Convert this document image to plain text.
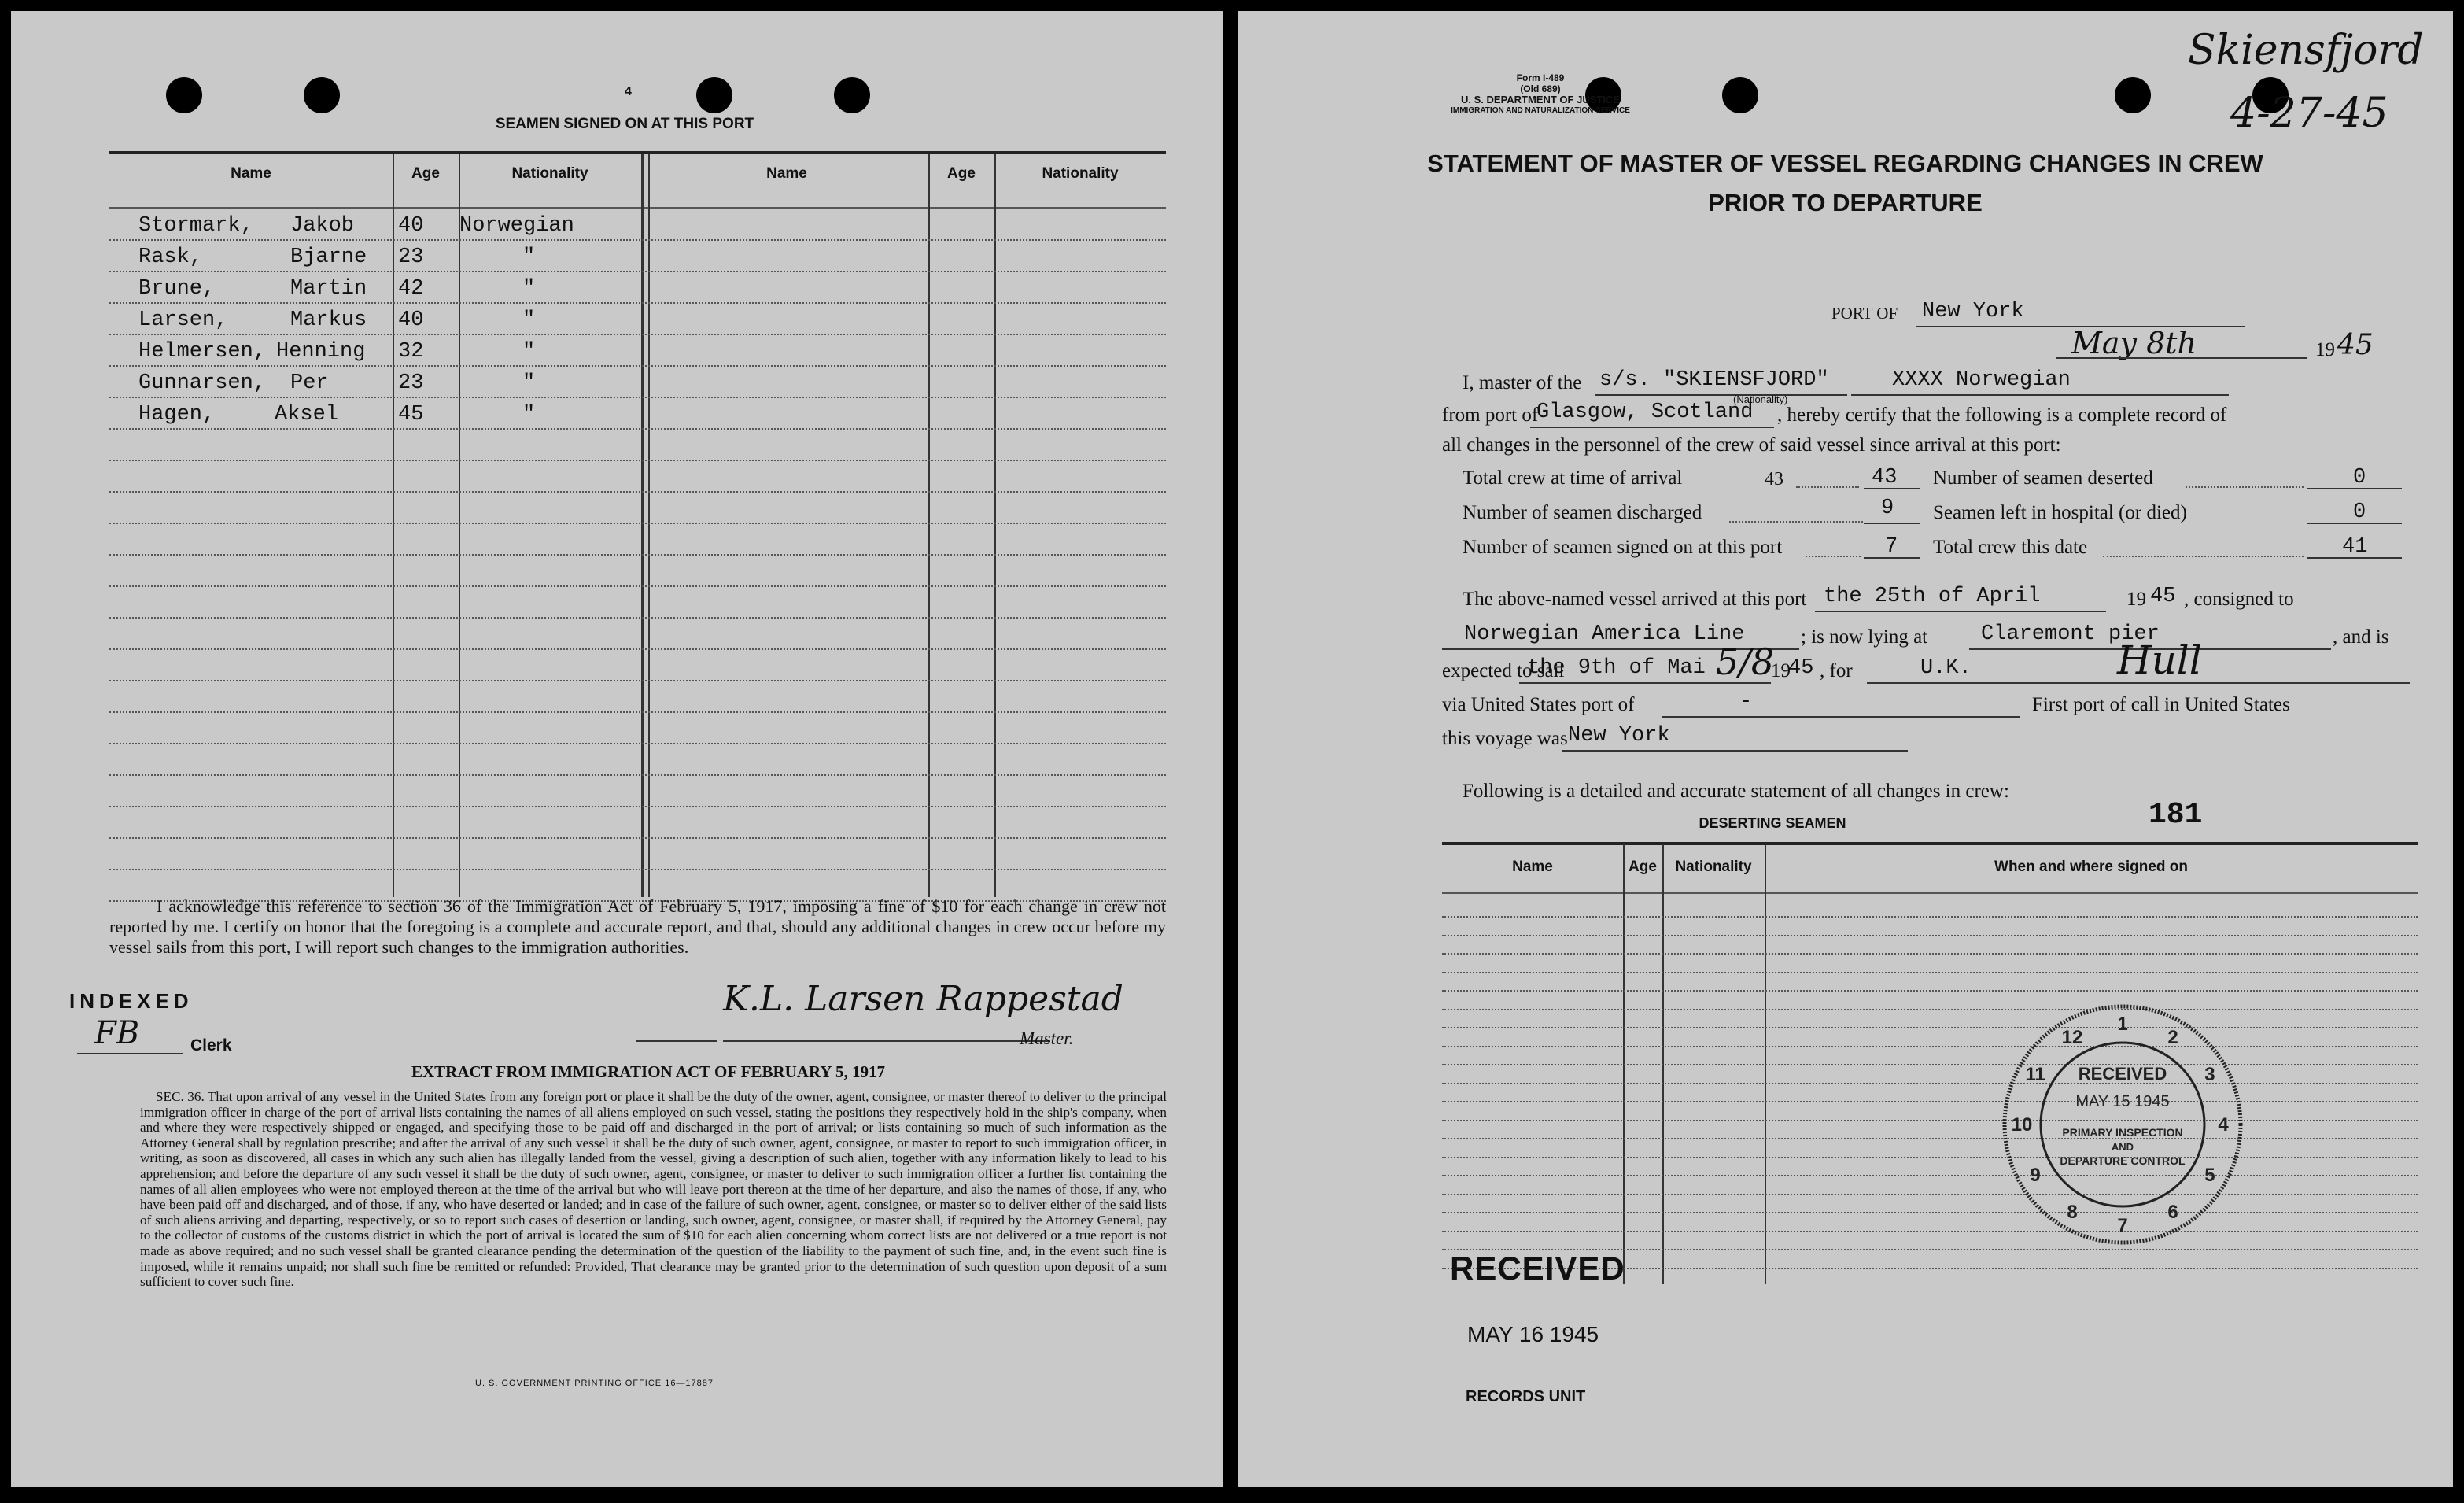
4
SEAMEN SIGNED ON AT THIS PORT
Name	Age	Nationality	Name	Age	Nationality
Stormark, Jakob 40 Norwegian
Rask,	Bjarne 23	"
Brune,	Martin 42	"
Larsen,	Markus 40	"
Helmersen, Henning 32	"
Gunnarsen, Per	23	"
Hagen,	Aksel	45	"
I acknowledge this reference to section 36 of the Immigration Act of February 5, 1917, imposing a fine of $10 for each change in crew not reported by me. I certify on honor that the foregoing is a complete and accurate report, and that, should any additional changes in crew occur before my vessel sails from this port, I will report such changes to the immigration authorities.
INDEXED
FB	Clerk
K.L. Larsen Rappestad
Master.
EXTRACT FROM IMMIGRATION ACT OF FEBRUARY 5, 1917
SEC. 36. That upon arrival of any vessel in the United States from any foreign port or place it shall be the duty of the owner, agent, consignee, or master thereof to deliver to the principal immigration officer in charge of the port of arrival lists containing the names of all aliens employed on such vessel, stating the positions they respectively hold in the ship's company, when and where they were respectively shipped or engaged, and specifying those to be paid off and discharged in the port of arrival; or lists containing so much of such information as the Attorney General shall by regulation prescribe; and after the arrival of any such vessel it shall be the duty of such owner, agent, consignee, or master to report to such immigration officer, in writing, as soon as discovered, all cases in which any such alien has illegally landed from the vessel, giving a description of such alien, together with any information likely to lead to his apprehension; and before the departure of any such vessel it shall be the duty of such owner, agent, consignee, or master to deliver to such immigration officer a further list containing the names of all alien employees who were not employed thereon at the time of the arrival but who will leave port thereon at the time of her departure, and also the names of those, if any, who have been paid off and discharged, and of those, if any, who have deserted or landed; and in case of the failure of such owner, agent, consignee, or master so to deliver either of the said lists of such aliens arriving and departing, respectively, or so to report such cases of desertion or landing, such owner, agent, consignee, or master shall, if required by the Attorney General, pay to the collector of customs of the customs district in which the port of arrival is located the sum of $10 for each alien concerning whom correct lists are not delivered or a true report is not made as above required; and no such vessel shall be granted clearance pending the determination of the question of the liability to the payment of such fine, and, in the event such fine is imposed, while it remains unpaid; nor shall such fine be remitted or refunded: Provided, That clearance may be granted prior to the determination of such question upon deposit of a sum sufficient to cover such fine.
U. S. GOVERNMENT PRINTING OFFICE 16—17887
Form I-489
(Old 689)
U. S. DEPARTMENT OF JUSTICE
IMMIGRATION AND NATURALIZATION SERVICE
Skiensfjord
4-27-45
STATEMENT OF MASTER OF VESSEL REGARDING CHANGES IN CREW
PRIOR TO DEPARTURE
PORT OF New York
May 8th	19 45
I, master of the s/s. "SKIENSFJORD"
(Nationality)
XXXX Norwegian
from port of
Glasgow, Scotland , hereby certify that the following is a complete record of
all changes in the personnel of the crew of said vessel since arrival at this port:
Total crew at time of arrival	43	43 Number of seamen deserted	0
Number of seamen discharged	9 Seamen left in hospital (or died)	0
Number of seamen signed on at this port	7 Total crew this date	41
The above-named vessel arrived at this port the 25th of April	19 45 , consigned to
Norwegian America Line	; is now lying at	Claremont pier	, and is
expected to sail
the 9th of Mai 5/8
19
45 , for	U.K.	Hull
via United States port of	-	First port of call in United States
this voyage was New York
Following is a detailed and accurate statement of all changes in crew:
181
DESERTING SEAMEN
Name	Age	Nationality	When and where signed on
1
2
3
4
5
6
7
8
9
10
11
12
RECEIVED
MAY 15 1945
PRIMARY INSPECTION
AND
DEPARTURE CONTROL
RECEIVED
MAY 16 1945
RECORDS UNIT
